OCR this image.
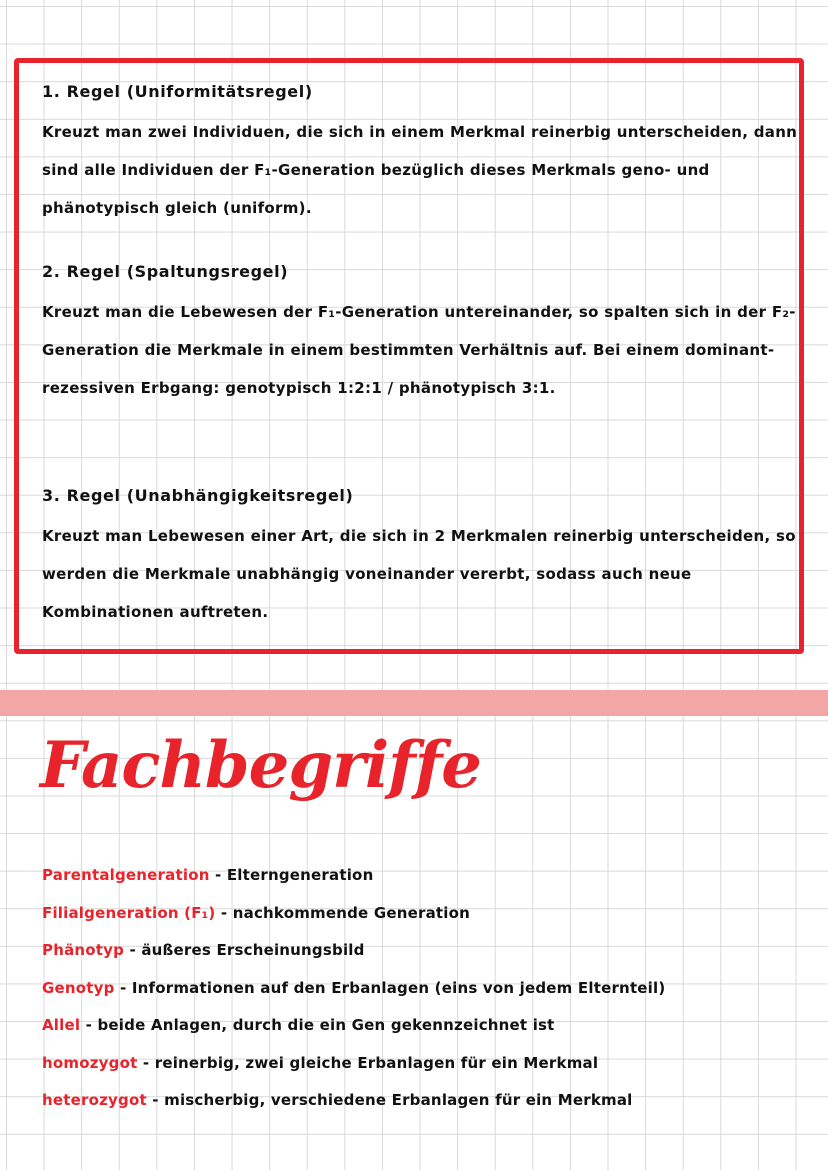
1. Regel (Uniformitätsregel)

Kreuzt man zwei Individuen, die sich in einem Merkmal reinerbig unterscheiden, dann sind alle Individuen der F₁-Generation bezüglich dieses Merkmals geno- und phänotypisch gleich (uniform).

2. Regel (Spaltungsregel)

Kreuzt man die Lebewesen der F₁-Generation untereinander, so spalten sich in der F₂-Generation die Merkmale in einem bestimmten Verhältnis auf. Bei einem dominant-rezessiven Erbgang: genotypisch 1:2:1 / phänotypisch 3:1.

3. Regel (Unabhängigkeitsregel)

Kreuzt man Lebewesen einer Art, die sich in 2 Merkmalen reinerbig unterscheiden, so werden die Merkmale unabhängig voneinander vererbt, sodass auch neue Kombinationen auftreten.

Fachbegriffe
Parentalgeneration - Elterngeneration
Filialgeneration (F₁) - nachkommende Generation
Phänotyp - äußeres Erscheinungsbild
Genotyp - Informationen auf den Erbanlagen (eins von jedem Elternteil)
Allel - beide Anlagen, durch die ein Gen gekennzeichnet ist
homozygot - reinerbig, zwei gleiche Erbanlagen für ein Merkmal
heterozygot - mischerbig, verschiedene Erbanlagen für ein Merkmal
